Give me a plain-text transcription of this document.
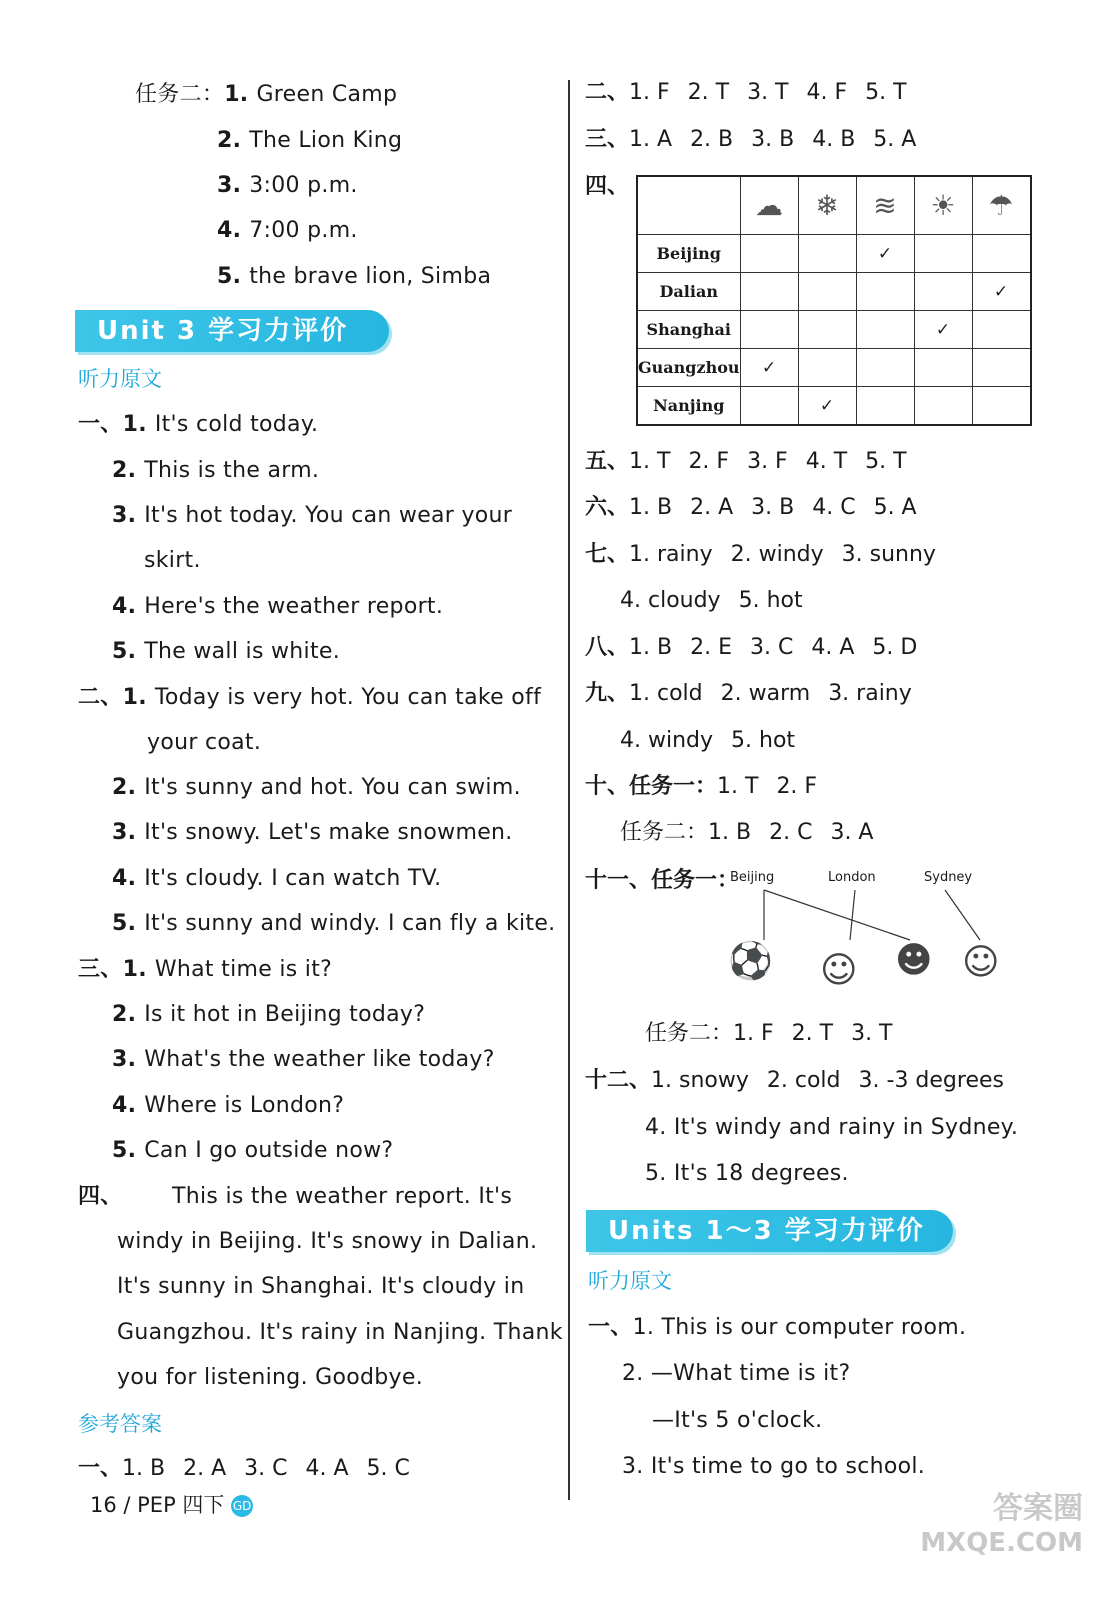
任务二：1. Green Camp
2. The Lion King
3. 3:00 p.m.
4. 7:00 p.m.
5. the brave lion, Simba
Unit 3 学习力评价
听力原文
一、1. It's cold today.
2. This is the arm.
3. It's hot today. You can wear your
skirt.
4. Here's the weather report.
5. The wall is white.
二、1. Today is very hot. You can take off
your coat.
2. It's sunny and hot. You can swim.
3. It's snowy. Let's make snowmen.
4. It's cloudy. I can watch TV.
5. It's sunny and windy. I can fly a kite.
三、1. What time is it?
2. Is it hot in Beijing today?
3. What's the weather like today?
4. Where is London?
5. Can I go outside now?
四、 This is the weather report. It's
windy in Beijing. It's snowy in Dalian.
It's sunny in Shanghai. It's cloudy in
Guangzhou. It's rainy in Nanjing. Thank
you for listening. Goodbye.
参考答案
一、1. B 2. A 3. C 4. A 5. C
二、1. F 2. T 3. T 4. F 5. T
三、1. A 2. B 3. B 4. B 5. A
四、
	☁	❄	≋	☀	☂
Beijing			✓		
Dalian					✓
Shanghai				✓	
Guangzhou	✓				
Nanjing		✓			
五、1. T 2. F 3. F 4. T 5. T
六、1. B 2. A 3. B 4. C 5. A
七、1. rainy 2. windy 3. sunny
4. cloudy 5. hot
八、1. B 2. E 3. C 4. A 5. D
九、1. cold 2. warm 3. rainy
4. windy 5. hot
十、任务一：1. T 2. F
任务二：1. B 2. C 3. A
十一、任务一：
Beijing	London	Sydney
⚽ ☺ ☻ ☺
任务二：1. F 2. T 3. T
十二、1. snowy 2. cold 3. -3 degrees
4. It's windy and rainy in Sydney.
5. It's 18 degrees.
Units 1～3 学习力评价
听力原文
一、1. This is our computer room.
2. —What time is it?
—It's 5 o'clock.
3. It's time to go to school.
16 / PEP 四下 GD	答案圈
MXQE.COM
